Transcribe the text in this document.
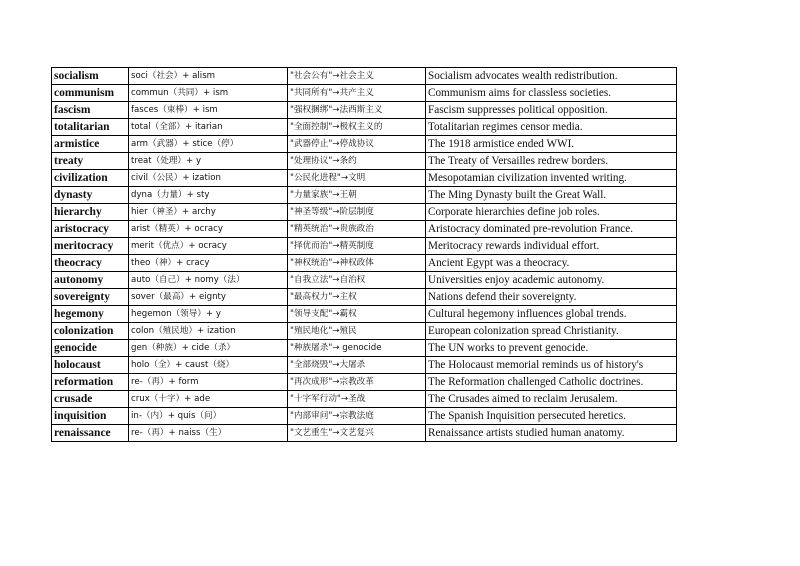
socialism	soci（社会）+ alism	"社会公有"→社会主义	Socialism advocates wealth redistribution.
communism	commun（共同）+ ism	"共同所有"→共产主义	Communism aims for classless societies.
fascism	fasces（束棒）+ ism	"强权捆绑"→法西斯主义	Fascism suppresses political opposition.
totalitarian	total（全部）+ itarian	"全面控制"→极权主义的	Totalitarian regimes censor media.
armistice	arm（武器）+ stice（停）	"武器停止"→停战协议	The 1918 armistice ended WWI.
treaty	treat（处理）+ y	"处理协议"→条约	The Treaty of Versailles redrew borders.
civilization	civil（公民）+ ization	"公民化进程"→文明	Mesopotamian civilization invented writing.
dynasty	dyna（力量）+ sty	"力量家族"→王朝	The Ming Dynasty built the Great Wall.
hierarchy	hier（神圣）+ archy	"神圣等级"→阶层制度	Corporate hierarchies define job roles.
aristocracy	arist（精英）+ ocracy	"精英统治"→贵族政治	Aristocracy dominated pre-revolution France.
meritocracy	merit（优点）+ ocracy	"择优而治"→精英制度	Meritocracy rewards individual effort.
theocracy	theo（神）+ cracy	"神权统治"→神权政体	Ancient Egypt was a theocracy.
autonomy	auto（自己）+ nomy（法）	"自我立法"→自治权	Universities enjoy academic autonomy.
sovereignty	sover（最高）+ eignty	"最高权力"→主权	Nations defend their sovereignty.
hegemony	hegemon（领导）+ y	"领导支配"→霸权	Cultural hegemony influences global trends.
colonization	colon（殖民地）+ ization	"殖民地化"→殖民	European colonization spread Christianity.
genocide	gen（种族）+ cide（杀）	"种族屠杀"→ genocide	The UN works to prevent genocide.
holocaust	holo（全）+ caust（烧）	"全部烧毁"→大屠杀	The Holocaust memorial reminds us of history's
reformation	re-（再）+ form	"再次成形"→宗教改革	The Reformation challenged Catholic doctrines.
crusade	crux（十字）+ ade	"十字军行动"→圣战	The Crusades aimed to reclaim Jerusalem.
inquisition	in-（内）+ quis（问）	"内部审问"→宗教法庭	The Spanish Inquisition persecuted heretics.
renaissance	re-（再）+ naiss（生）	"文艺重生"→文艺复兴	Renaissance artists studied human anatomy.
